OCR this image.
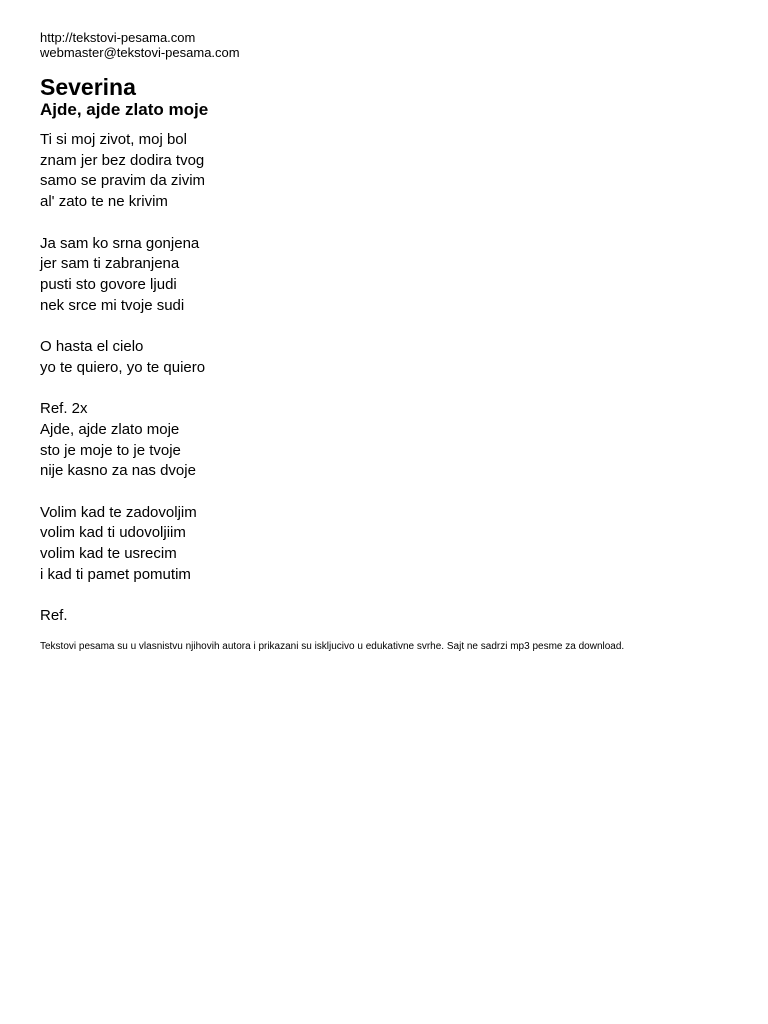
http://tekstovi-pesama.com
webmaster@tekstovi-pesama.com
Severina
Ajde, ajde zlato moje
Ti si moj zivot, moj bol
znam jer bez dodira tvog
samo se pravim da zivim
al' zato te ne krivim
Ja sam ko srna gonjena
jer sam ti zabranjena
pusti sto govore ljudi
nek srce mi tvoje sudi
O hasta el cielo
yo te quiero, yo te quiero
Ref. 2x
Ajde, ajde zlato moje
sto je moje to je tvoje
nije kasno za nas dvoje
Volim kad te zadovoljim
volim kad ti udovoljiim
volim kad te usrecim
i kad ti pamet pomutim
Ref.
Tekstovi pesama su u vlasnistvu njihovih autora i prikazani su iskljucivo u edukativne svrhe. Sajt ne sadrzi mp3 pesme za download.
